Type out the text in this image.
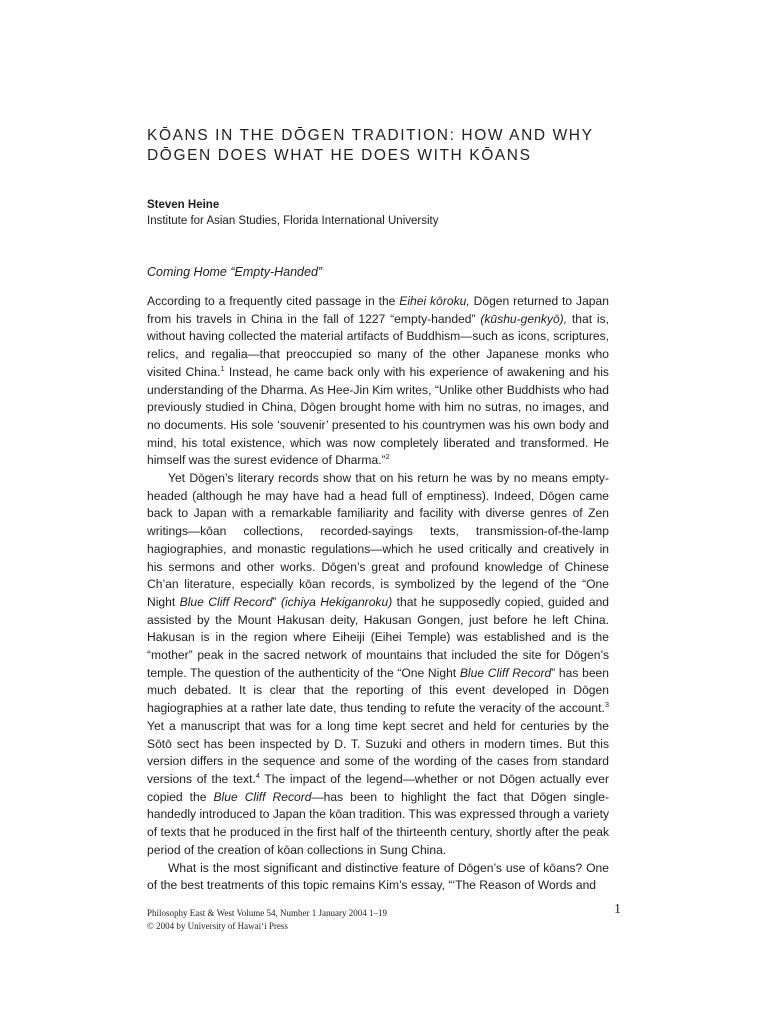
KŌANS IN THE DŌGEN TRADITION: HOW AND WHY
DŌGEN DOES WHAT HE DOES WITH KŌANS
Steven Heine
Institute for Asian Studies, Florida International University
Coming Home “Empty-Handed”

According to a frequently cited passage in the Eihei kōroku, Dōgen returned to Japan from his travels in China in the fall of 1227 “empty-handed” (kūshu-genkyō), that is, without having collected the material artifacts of Buddhism—such as icons, scriptures, relics, and regalia—that preoccupied so many of the other Japanese monks who visited China.$^1$ Instead, he came back only with his experience of awakening and his understanding of the Dharma. As Hee-Jin Kim writes, “Unlike other Buddhists who had previously studied in China, Dōgen brought home with him no sutras, no images, and no documents. His sole ‘souvenir’ presented to his countrymen was his own body and mind, his total existence, which was now completely liberated and transformed. He himself was the surest evidence of Dharma.”$^2$

Yet Dōgen’s literary records show that on his return he was by no means empty-headed (although he may have had a head full of emptiness). Indeed, Dōgen came back to Japan with a remarkable familiarity and facility with diverse genres of Zen writings—kōan collections, recorded-sayings texts, transmission-of-the-lamp hagiographies, and monastic regulations—which he used critically and creatively in his sermons and other works. Dōgen’s great and profound knowledge of Chinese Ch’an literature, especially kōan records, is symbolized by the legend of the “One Night Blue Cliff Record” (ichiya Hekiganroku) that he supposedly copied, guided and assisted by the Mount Hakusan deity, Hakusan Gongen, just before he left China. Hakusan is in the region where Eiheiji (Eihei Temple) was established and is the “mother” peak in the sacred network of mountains that included the site for Dōgen’s temple. The question of the authenticity of the “One Night Blue Cliff Record” has been much debated. It is clear that the reporting of this event developed in Dōgen hagiographies at a rather late date, thus tending to refute the veracity of the account.$^3$ Yet a manuscript that was for a long time kept secret and held for centuries by the Sōtō sect has been inspected by D. T. Suzuki and others in modern times. But this version differs in the sequence and some of the wording of the cases from standard versions of the text.$^4$ The impact of the legend—whether or not Dōgen actually ever copied the Blue Cliff Record—has been to highlight the fact that Dōgen single-handedly introduced to Japan the kōan tradition. This was expressed through a variety of texts that he produced in the first half of the thirteenth century, shortly after the peak period of the creation of kōan collections in Sung China.

What is the most significant and distinctive feature of Dōgen’s use of kōans? One of the best treatments of this topic remains Kim’s essay, “‘The Reason of Words and

Philosophy East & West Volume 54, Number 1 January 2004 1–19
© 2004 by University of Hawai‘i Press
1
